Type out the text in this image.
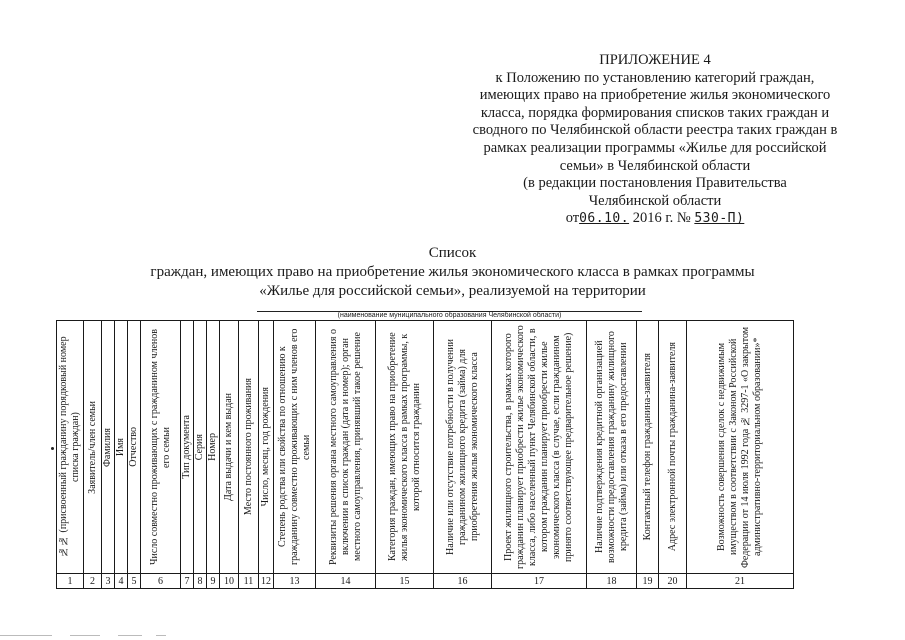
ПРИЛОЖЕНИЕ 4
к Положению по установлению категорий граждан,
имеющих право на приобретение жилья экономического
класса, порядка формирования списков таких граждан и
сводного по Челябинской области реестра таких граждан в
рамках реализации программы «Жилье для российской
семьи» в Челябинской области
(в редакции постановления Правительства
Челябинской области
от06.10. 2016 г. № 530-П)
Список
граждан, имеющих право на приобретение жилья экономического класса в рамках программы
«Жилье для российской семьи», реализуемой на территории
(наименование муниципального образования Челябинской области)
№№ (присвоенный гражданину порядковый номер списка граждан)	Заявитель/член семьи	Фамилия	Имя	Отчество	Число совместно проживающих с гражданином членов его семьи	Тип документа	Серия	Номер	Дата выдачи и кем выдан	Место постоянного проживания	Число, месяц, год рождения	Степень родства или свойства по отношению к гражданину совместно проживающих с ним членов его семьи	Реквизиты решения органа местного самоуправления о включении в список граждан (дата и номер); орган местного самоуправления, принявший такое решение	Категория граждан, имеющих право на приобретение жилья экономического класса в рамках программы, к которой относится гражданин	Наличие или отсутствие потребности в получении гражданином жилищного кредита (займа) для приобретения жилья экономического класса	Проект жилищного строительства, в рамках которого гражданин планирует приобрести жилье экономического класса, либо населенный пункт Челябинской области, в котором гражданин планирует приобрести жилье экономического класса (в случае, если гражданином принято соответствующее предварительное решение)	Наличие подтверждения кредитной организацией возможности предоставления гражданину жилищного кредита (займа) или отказа в его предоставлении	Контактный телефон гражданина-заявителя	Адрес электронной почты гражданина-заявителя	Возможность совершения сделок с недвижимым имуществом в соответствии с Законом Российской Федерации от 14 июля 1992 года № 3297-1 «О закрытом административно-территориальном образовании»*

1	2	3	4	5	6	7	8	9	10	11	12	13	14	15	16	17	18	19	20	21
